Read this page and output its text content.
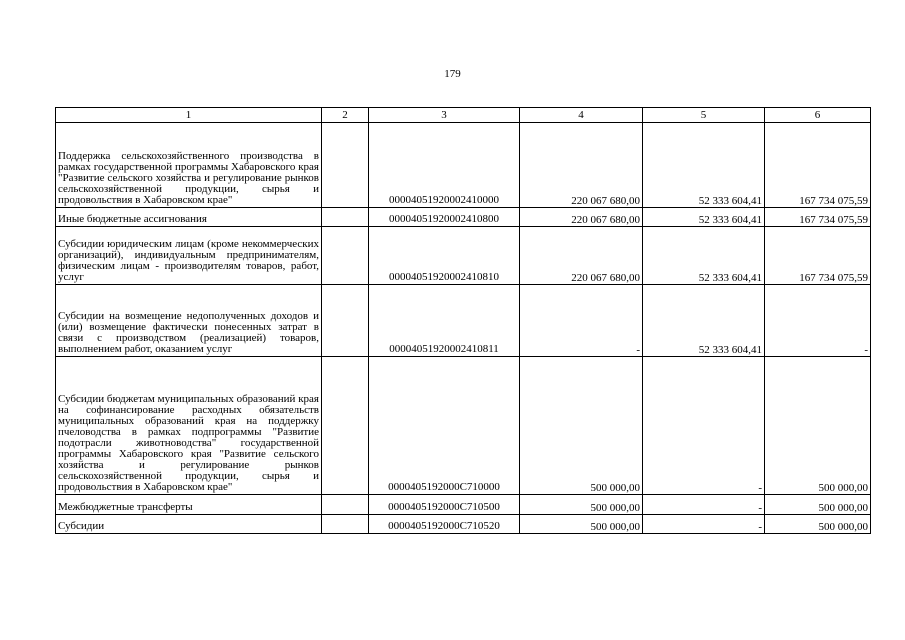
179
1	2	3	4	5	6
Поддержка сельскохозяйственного производства в рамках государственной программы Хабаровского края "Развитие сельского хозяйства и регулирование рынков сельскохозяйственной продукции, сырья и продовольствия в Хабаровском крае"		00004051920002410000	220 067 680,00	52 333 604,41	167 734 075,59
Иные бюджетные ассигнования		00004051920002410800	220 067 680,00	52 333 604,41	167 734 075,59
Субсидии юридическим лицам (кроме некоммерческих организаций), индивидуальным предпринимателям, физическим лицам - производителям товаров, работ, услуг		00004051920002410810	220 067 680,00	52 333 604,41	167 734 075,59
Субсидии на возмещение недополученных доходов и (или) возмещение фактически понесенных затрат в связи с производством (реализацией) товаров, выполнением работ, оказанием услуг		00004051920002410811	-	52 333 604,41	-
Субсидии бюджетам муниципальных образований края на софинансирование расходных обязательств муниципальных образований края на поддержку пчеловодства в рамках подпрограммы "Развитие подотрасли животноводства" государственной программы Хабаровского края "Развитие сельского хозяйства и регулирование рынков сельскохозяйственной продукции, сырья и продовольствия в Хабаровском крае"		0000405192000С710000	500 000,00	-	500 000,00
Межбюджетные трансферты		0000405192000С710500	500 000,00	-	500 000,00
Субсидии		0000405192000С710520	500 000,00	-	500 000,00
